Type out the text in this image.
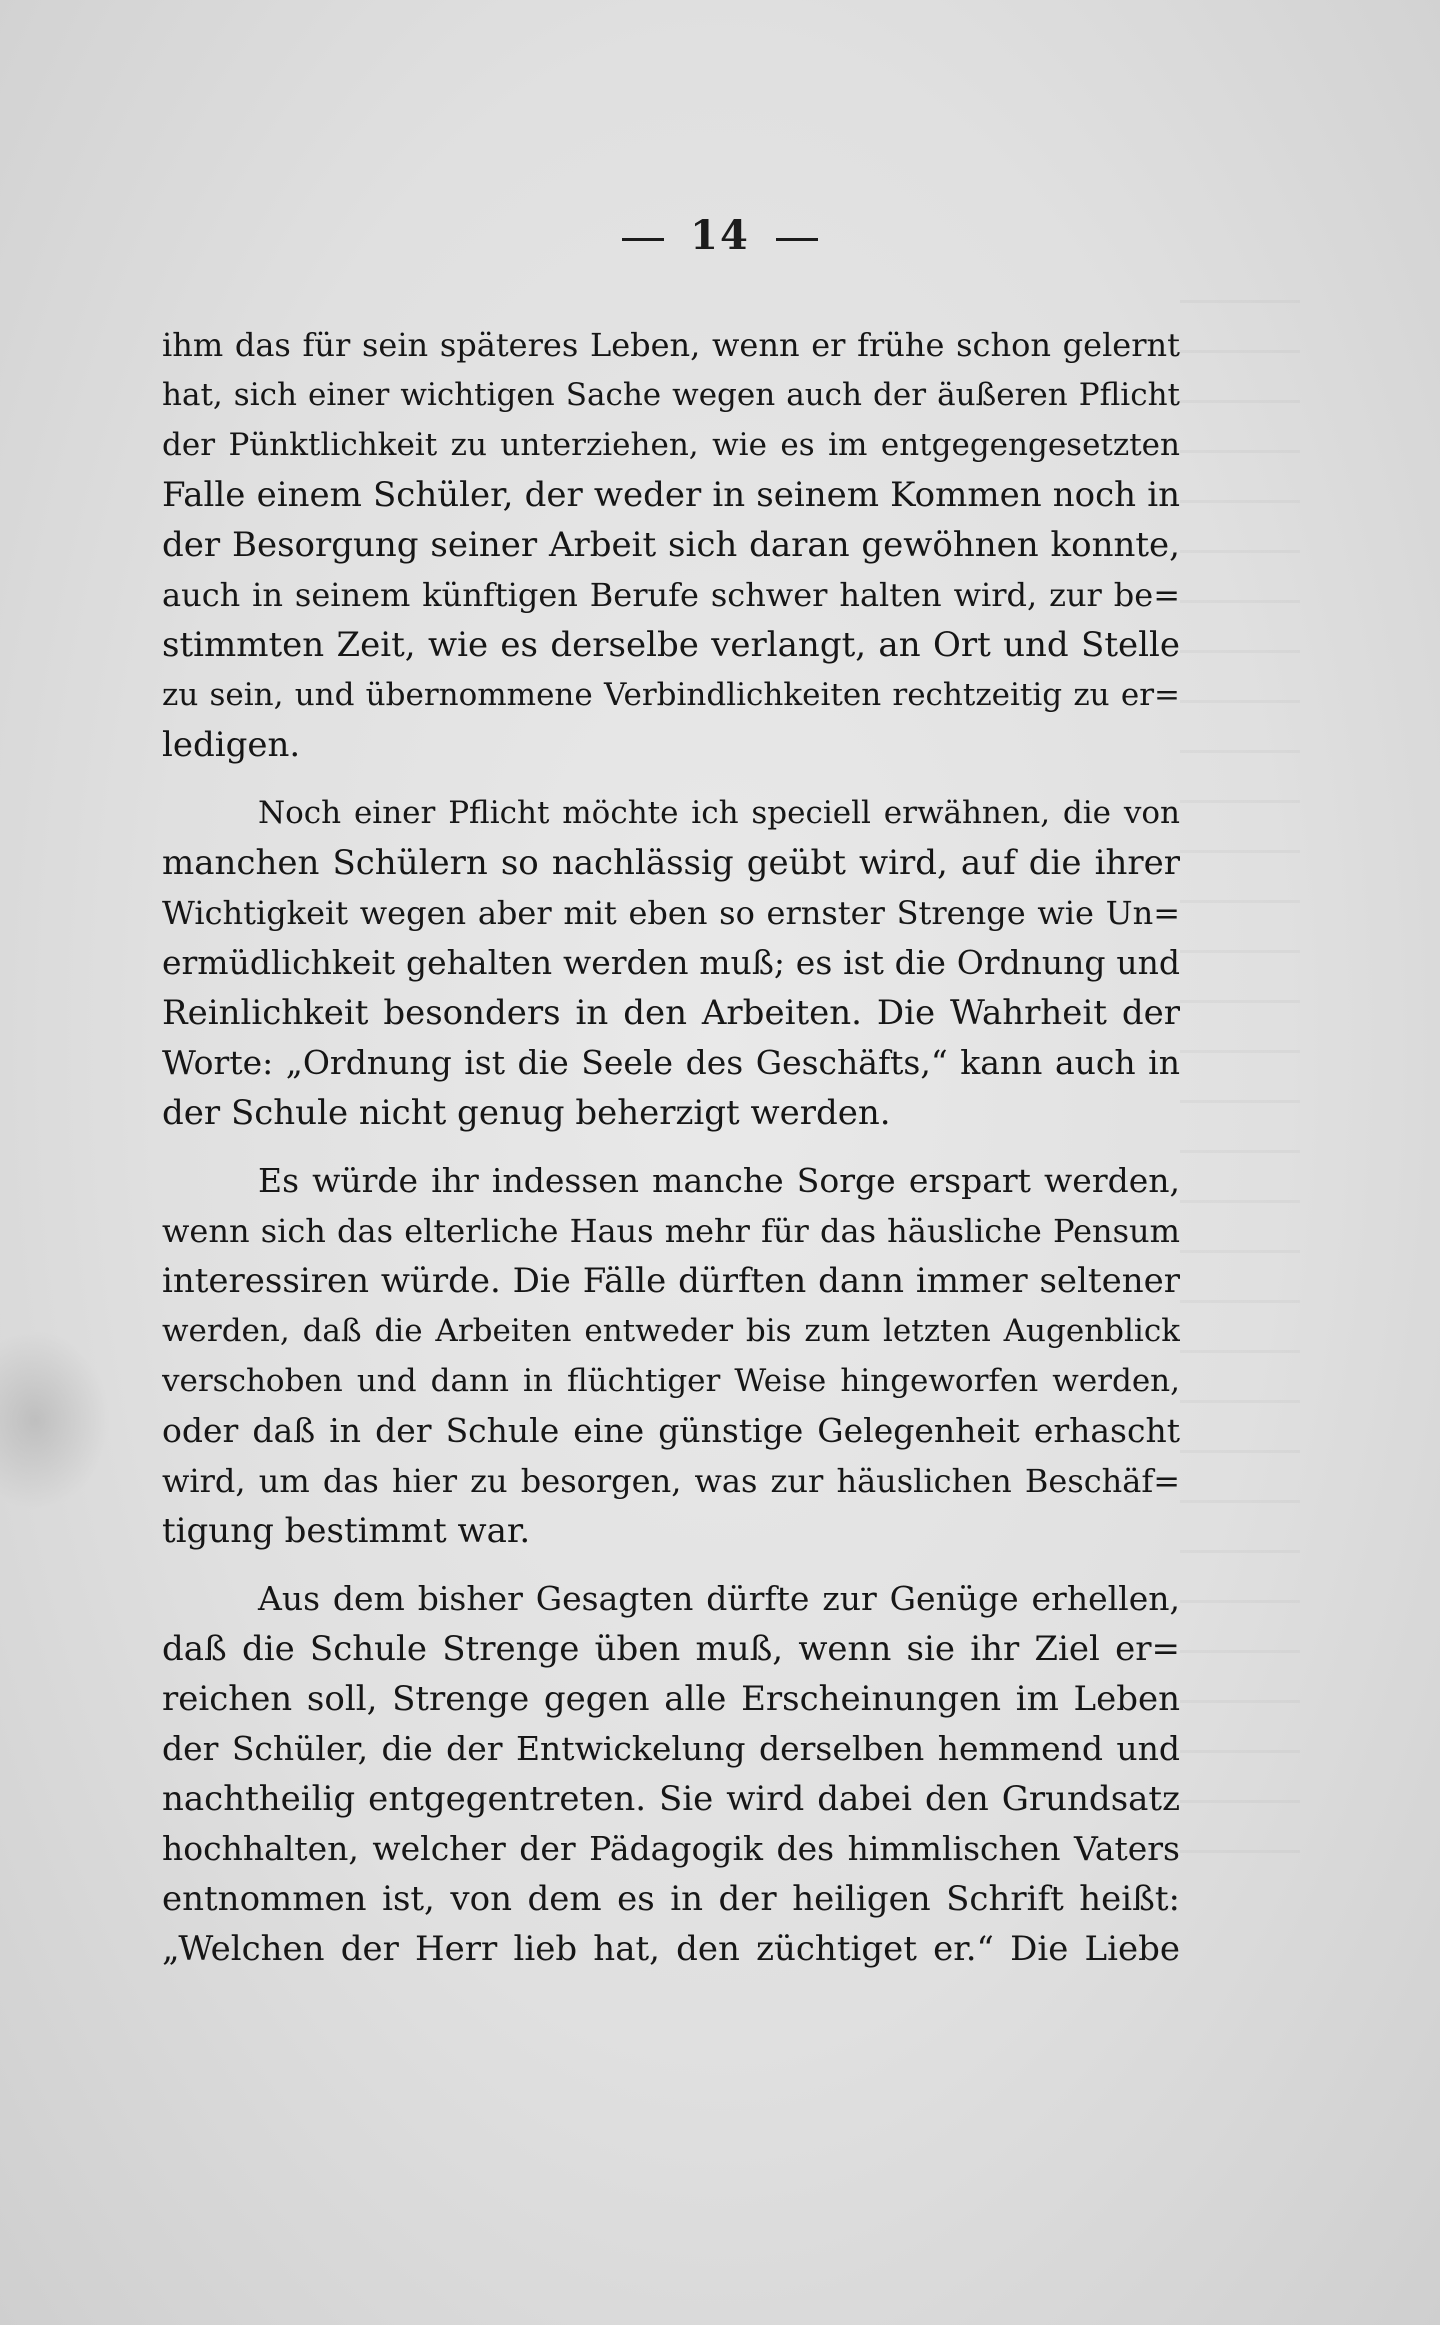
14

ihm das für sein späteres Leben, wenn er frühe schon gelernt
hat, sich einer wichtigen Sache wegen auch der äußeren Pflicht
der Pünktlichkeit zu unterziehen, wie es im entgegengesetzten
Falle einem Schüler, der weder in seinem Kommen noch in
der Besorgung seiner Arbeit sich daran gewöhnen konnte,
auch in seinem künftigen Berufe schwer halten wird, zur be=
stimmten Zeit, wie es derselbe verlangt, an Ort und Stelle
zu sein, und übernommene Verbindlichkeiten rechtzeitig zu er=
ledigen.

Noch einer Pflicht möchte ich speciell erwähnen, die von
manchen Schülern so nachlässig geübt wird, auf die ihrer
Wichtigkeit wegen aber mit eben so ernster Strenge wie Un=
ermüdlichkeit gehalten werden muß; es ist die Ordnung und
Reinlichkeit besonders in den Arbeiten. Die Wahrheit der
Worte: „Ordnung ist die Seele des Geschäfts,“ kann auch in
der Schule nicht genug beherzigt werden.

Es würde ihr indessen manche Sorge erspart werden,
wenn sich das elterliche Haus mehr für das häusliche Pensum
interessiren würde. Die Fälle dürften dann immer seltener
werden, daß die Arbeiten entweder bis zum letzten Augenblick
verschoben und dann in flüchtiger Weise hingeworfen werden,
oder daß in der Schule eine günstige Gelegenheit erhascht
wird, um das hier zu besorgen, was zur häuslichen Beschäf=
tigung bestimmt war.

Aus dem bisher Gesagten dürfte zur Genüge erhellen,
daß die Schule Strenge üben muß, wenn sie ihr Ziel er=
reichen soll, Strenge gegen alle Erscheinungen im Leben
der Schüler, die der Entwickelung derselben hemmend und
nachtheilig entgegentreten. Sie wird dabei den Grundsatz
hochhalten, welcher der Pädagogik des himmlischen Vaters
entnommen ist, von dem es in der heiligen Schrift heißt:
„Welchen der Herr lieb hat, den züchtiget er.“ Die Liebe
